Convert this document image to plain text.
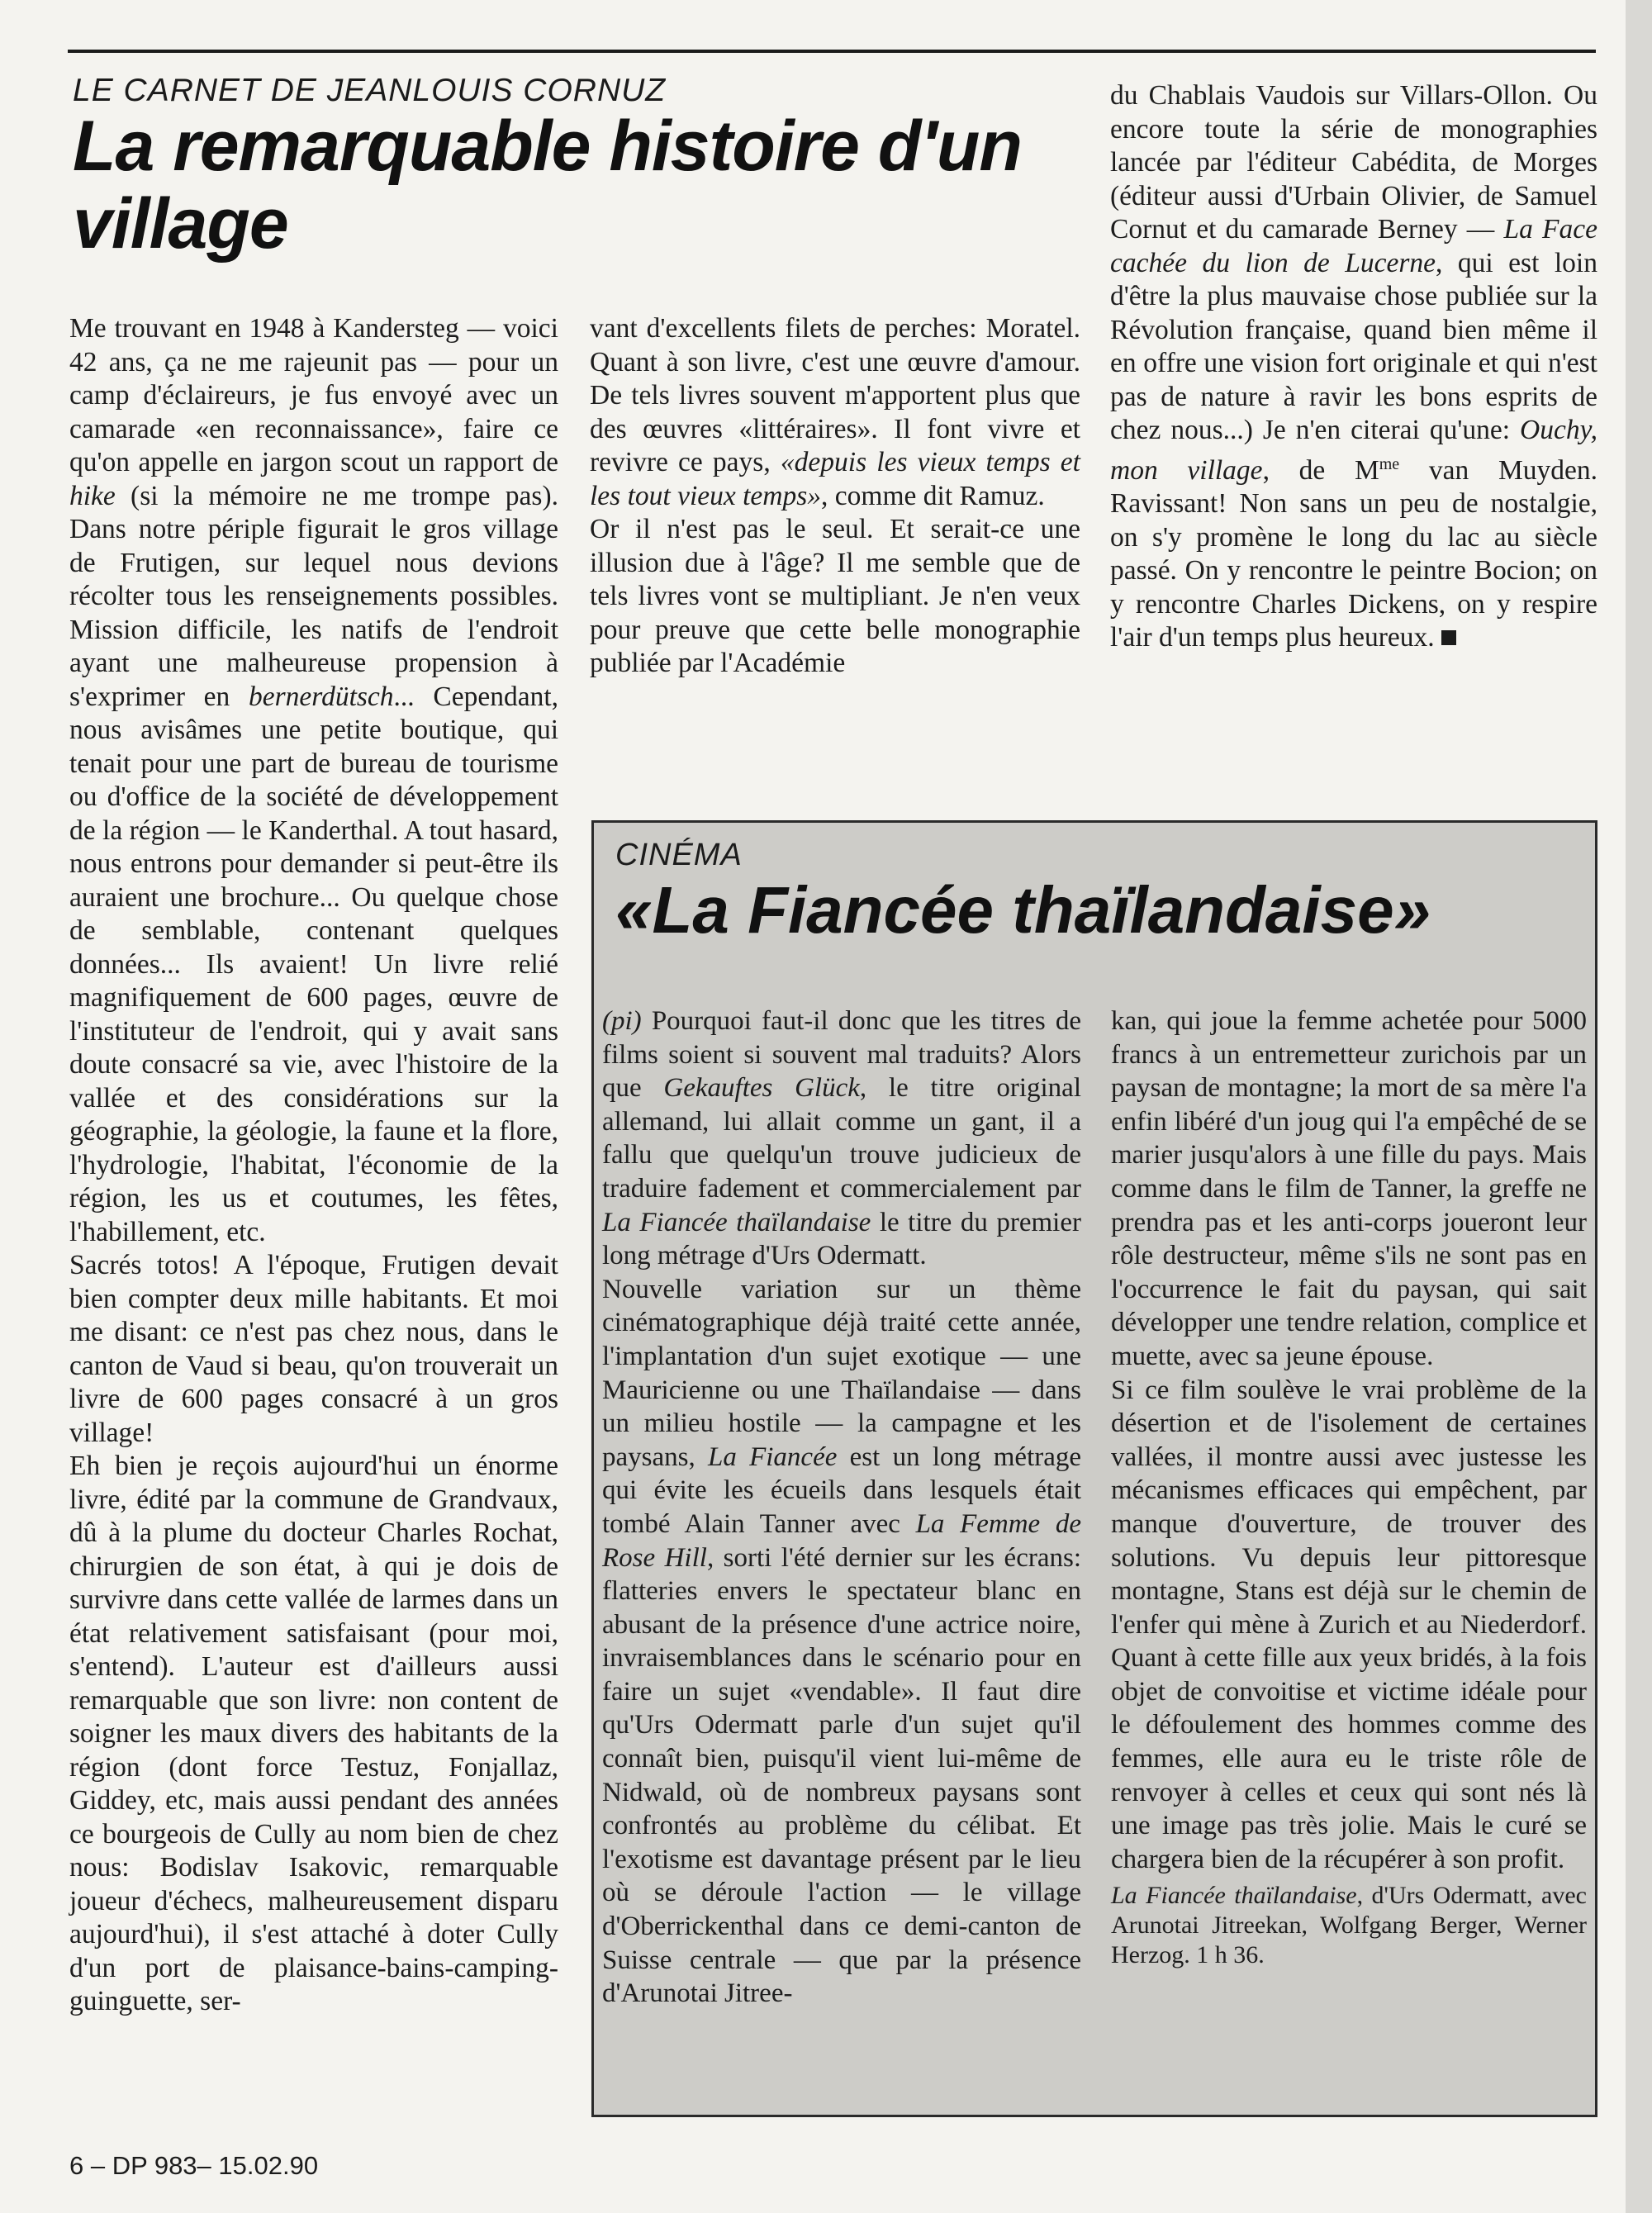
LE CARNET DE JEANLOUIS CORNUZ
La remarquable histoire d'un village

Me trouvant en 1948 à Kandersteg — voici 42 ans, ça ne me rajeunit pas — pour un camp d'éclaireurs, je fus envoyé avec un camarade «en reconnaissance», faire ce qu'on appelle en jargon scout un rapport de hike (si la mémoire ne me trompe pas). Dans notre périple figurait le gros village de Frutigen, sur lequel nous devions récolter tous les renseignements possibles. Mission difficile, les natifs de l'endroit ayant une malheureuse propension à s'exprimer en bernerdütsch... Cependant, nous avisâmes une petite boutique, qui tenait pour une part de bureau de tourisme ou d'office de la société de développement de la région — le Kanderthal. A tout hasard, nous entrons pour demander si peut-être ils auraient une brochure... Ou quelque chose de semblable, contenant quelques données... Ils avaient! Un livre relié magnifiquement de 600 pages, œuvre de l'instituteur de l'endroit, qui y avait sans doute consacré sa vie, avec l'histoire de la vallée et des considérations sur la géographie, la géologie, la faune et la flore, l'hydrologie, l'habitat, l'économie de la région, les us et coutumes, les fêtes, l'habillement, etc.

Sacrés totos! A l'époque, Frutigen devait bien compter deux mille habitants. Et moi me disant: ce n'est pas chez nous, dans le canton de Vaud si beau, qu'on trouverait un livre de 600 pages consacré à un gros village!

Eh bien je reçois aujourd'hui un énorme livre, édité par la commune de Grandvaux, dû à la plume du docteur Charles Rochat, chirurgien de son état, à qui je dois de survivre dans cette vallée de larmes dans un état relativement satisfaisant (pour moi, s'entend). L'auteur est d'ailleurs aussi remarquable que son livre: non content de soigner les maux divers des habitants de la région (dont force Testuz, Fonjallaz, Giddey, etc, mais aussi pendant des années ce bourgeois de Cully au nom bien de chez nous: Bodislav Isakovic, remarquable joueur d'échecs, malheureusement disparu aujourd'hui), il s'est attaché à doter Cully d'un port de plaisance-bains-camping-guinguette, ser-

vant d'excellents filets de perches: Moratel. Quant à son livre, c'est une œuvre d'amour. De tels livres souvent m'apportent plus que des œuvres «littéraires». Il font vivre et revivre ce pays, «depuis les vieux temps et les tout vieux temps», comme dit Ramuz.

Or il n'est pas le seul. Et serait-ce une illusion due à l'âge? Il me semble que de tels livres vont se multipliant. Je n'en veux pour preuve que cette belle monographie publiée par l'Académie

du Chablais Vaudois sur Villars-Ollon. Ou encore toute la série de monographies lancée par l'éditeur Cabédita, de Morges (éditeur aussi d'Urbain Olivier, de Samuel Cornut et du camarade Berney — La Face cachée du lion de Lucerne, qui est loin d'être la plus mauvaise chose publiée sur la Révolution française, quand bien même il en offre une vision fort originale et qui n'est pas de nature à ravir les bons esprits de chez nous...) Je n'en citerai qu'une: Ouchy, mon village, de $M^{me}$ van Muyden. Ravissant! Non sans un peu de nostalgie, on s'y promène le long du lac au siècle passé. On y rencontre le peintre Bocion; on y rencontre Charles Dickens, on y respire l'air d'un temps plus heureux.

CINÉMA
«La Fiancée thaïlandaise»

(pi) Pourquoi faut-il donc que les titres de films soient si souvent mal traduits? Alors que Gekauftes Glück, le titre original allemand, lui allait comme un gant, il a fallu que quelqu'un trouve judicieux de traduire fadement et commercialement par La Fiancée thaïlandaise le titre du premier long métrage d'Urs Odermatt.

Nouvelle variation sur un thème cinématographique déjà traité cette année, l'implantation d'un sujet exotique — une Mauricienne ou une Thaïlandaise — dans un milieu hostile — la campagne et les paysans, La Fiancée est un long métrage qui évite les écueils dans lesquels était tombé Alain Tanner avec La Femme de Rose Hill, sorti l'été dernier sur les écrans: flatteries envers le spectateur blanc en abusant de la présence d'une actrice noire, invraisemblances dans le scénario pour en faire un sujet «vendable». Il faut dire qu'Urs Odermatt parle d'un sujet qu'il connaît bien, puisqu'il vient lui-même de Nidwald, où de nombreux paysans sont confrontés au problème du célibat. Et l'exotisme est davantage présent par le lieu où se déroule l'action — le village d'Oberrickenthal dans ce demi-canton de Suisse centrale — que par la présence d'Arunotai Jitree-

kan, qui joue la femme achetée pour 5000 francs à un entremetteur zurichois par un paysan de montagne; la mort de sa mère l'a enfin libéré d'un joug qui l'a empêché de se marier jusqu'alors à une fille du pays. Mais comme dans le film de Tanner, la greffe ne prendra pas et les anti-corps joueront leur rôle destructeur, même s'ils ne sont pas en l'occurrence le fait du paysan, qui sait développer une tendre relation, complice et muette, avec sa jeune épouse.

Si ce film soulève le vrai problème de la désertion et de l'isolement de certaines vallées, il montre aussi avec justesse les mécanismes efficaces qui empêchent, par manque d'ouverture, de trouver des solutions. Vu depuis leur pittoresque montagne, Stans est déjà sur le chemin de l'enfer qui mène à Zurich et au Niederdorf. Quant à cette fille aux yeux bridés, à la fois objet de convoitise et victime idéale pour le défoulement des hommes comme des femmes, elle aura eu le triste rôle de renvoyer à celles et ceux qui sont nés là une image pas très jolie. Mais le curé se chargera bien de la récupérer à son profit.

La Fiancée thaïlandaise, d'Urs Odermatt, avec Arunotai Jitreekan, Wolfgang Berger, Werner Herzog. 1 h 36.

6 – DP 983– 15.02.90
